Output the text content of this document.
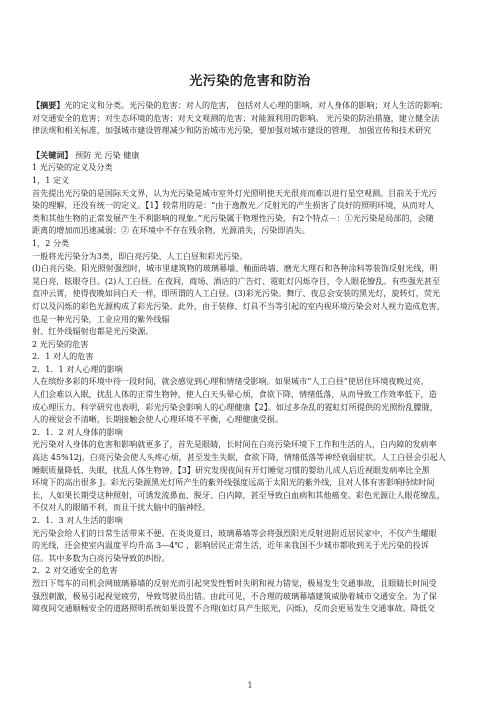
光污染的危害和防治
【摘要】光的定义和分类。光污染的危害：对人的危害， 包括对人心理的影响，对人身体的影响；对人生活的影响；
对交通安全的危害；对生态环境的危害；对天文观测的危害；对能源利用的影响。 光污染的防治措施，建立健全法
律法规和相关标准，加强城市建设管理减少和防治城市光污染，要加强对城市建设的管理， 加强宣传和技术研究
【关键词】 预防 光 污染 健康
1 光污染的定义及分类
1，1 定义
首先提出光污染的是国际天文界，认为光污染是城市室外灯光照明使天光很亮而难以进行星空观测。目前关于光污
染的理解，还没有统一的定义。【1】较常用的是：“由于逸散光／反射光的产生损害了良好的照明环境，从而对人
类和其他生物的正常发展产生不利影响的现象。”光污染属于物理性污染，有2个特点－：①光污染是局部的，会随
距离的增加而迅速减弱；② 在环境中不存在残余物，光源消失，污染即消失。
1，2 分类
一般将光污染分为3类，即白亮污染、人工白昼和彩光污染。
(l)白亮污染。阳光照射强烈时，城市里建筑物的玻璃幕墙、釉面砖墙、磨光大理石和各种涂料等装饰反射光线，明
晃白亮，眩眼夺目。(2)人工白昼。在夜间，商场、酒店的广告灯、霓虹灯闪烁夺目，令人眼花缭乱。有些强光甚至
直冲云霄，使得夜晚如同白天一样，即所谓的人工白昼。(3)彩光污染。舞厅、夜总会安装的黑光灯，旋转灯，荧光
灯以及闪烁的彩色光源构成了彩光污染。此外，由于装修、灯具不当等引起的室内视环境污染会对人视力造成危害，
也是一种光污染，工业应用的紫外线辐
射、红外线辐射也都是光污染源。
2 光污染的危害
2．1 对人的危害
2．1．1 对人心理的影响
人在缤纷多彩的环境中待一段时间，就会感觉到心理和情绪受影响。如果城市“人工白昼”使居住环境夜晚过亮，
人们会难以入眠，扰乱人体的正常生物钟，使人白天头晕心烦，食欲下降，情绪低落，从而导致工作效率低下，造
成心理压力。科学研究也表明，彩光污染会影响人的心理健康【2】。如过多杂乱的霓虹灯所提供的光照纷乱朦胧，
人的视觉会不清晰，长期接触会使人心理环境不平衡，心理健康受损。
2．1．2 对人身体的影响
光污染对人身体的危害和影响就更多了，首先是眼睛，长时间在白亮污染环境下工作和生活的人，白内障的发病率
高达 45%12j。白亮污染会使人头疼心烦，甚至发生失眠，食欲下降，情绪低落等神经衰弱症状。人工白昼会引起人
睡眠质量降低、失眠，扰乱人体生物钟。【3】研究发现夜间有开灯睡觉习惯的婴幼儿成人后近视眼发病率比全黑
环境下的高出很多 J。彩光污染源黑光灯所产生的紫外线强度远高于太阳光的紫外线，且对人体有害影响持续时间
长，人如果长期受这种照射，可诱发流鼻血、脱牙、白内障，甚至导致白血病和其他癌变。彩色光源让人眼花缭乱，
不仅对人的眼睛不利，而且干扰大脑中的脑神经。
2．1．3 对人生活的影响
光污染会给人们的日常生活带来不便。在炎炎夏日，玻璃幕墙等会将强烈阳光反射进附近居民家中，不仅产生耀眼
的光线，还会使室内温度平均升高 3—4℃ ，影响居民正常生活，近年来我国不少城市都收到关于光污染的投诉
信。其中多数为白亮污染导致的纠纷。
2．2 对交通安全的危害
烈日下驾车的司机会网玻璃幕墙的反射光而引起突发性暂时失明和视力错觉，极易发生交通事故，且眼睛长时间受
强烈刺激，极易引起视觉疲劳，导致驾驶员出错。由此可见，不合理的玻璃幕墙建筑威胁着城市交通安全。为了保
障夜间交通顺畅安全的道路照明系统如果设置不合理(如灯具产生眩光，闪烁)，反而会更易发生交通事故。降低交
1
